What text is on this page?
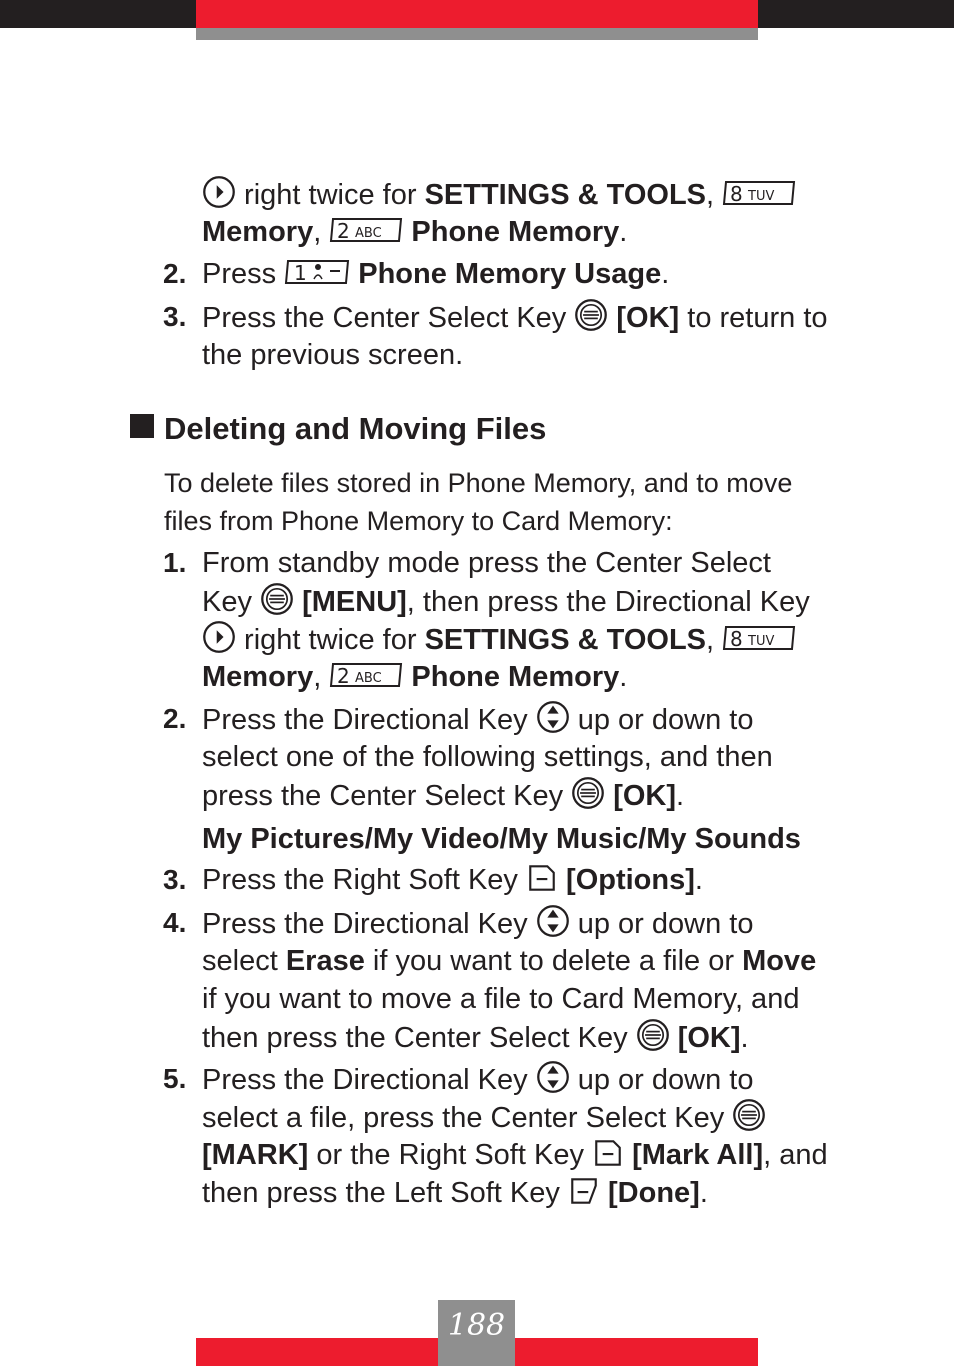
right twice for SETTINGS & TOOLS,
Memory,	Phone Memory.
2. Press  Phone Memory Usage.
3. Press the Center Select Key  [OK] to return to
the previous screen.
Deleting and Moving Files
To delete files stored in Phone Memory, and to move
files from Phone Memory to Card Memory:
1. From standby mode press the Center Select
Key  [MENU], then press the Directional Key
right twice for SETTINGS & TOOLS,
Memory,	Phone Memory.
2. Press the Directional Key  up or down to
select one of the following settings, and then
press the Center Select Key  [OK].
My Pictures/My Video/My Music/My Sounds
3. Press the Right Soft Key  [Options].
4. Press the Directional Key  up or down to
select Erase if you want to delete a file or Move
if you want to move a file to Card Memory, and
then press the Center Select Key  [OK].
5. Press the Directional Key  up or down to
select a file, press the Center Select Key
[MARK] or the Right Soft Key  [Mark All], and
then press the Left Soft Key  [Done].
188
